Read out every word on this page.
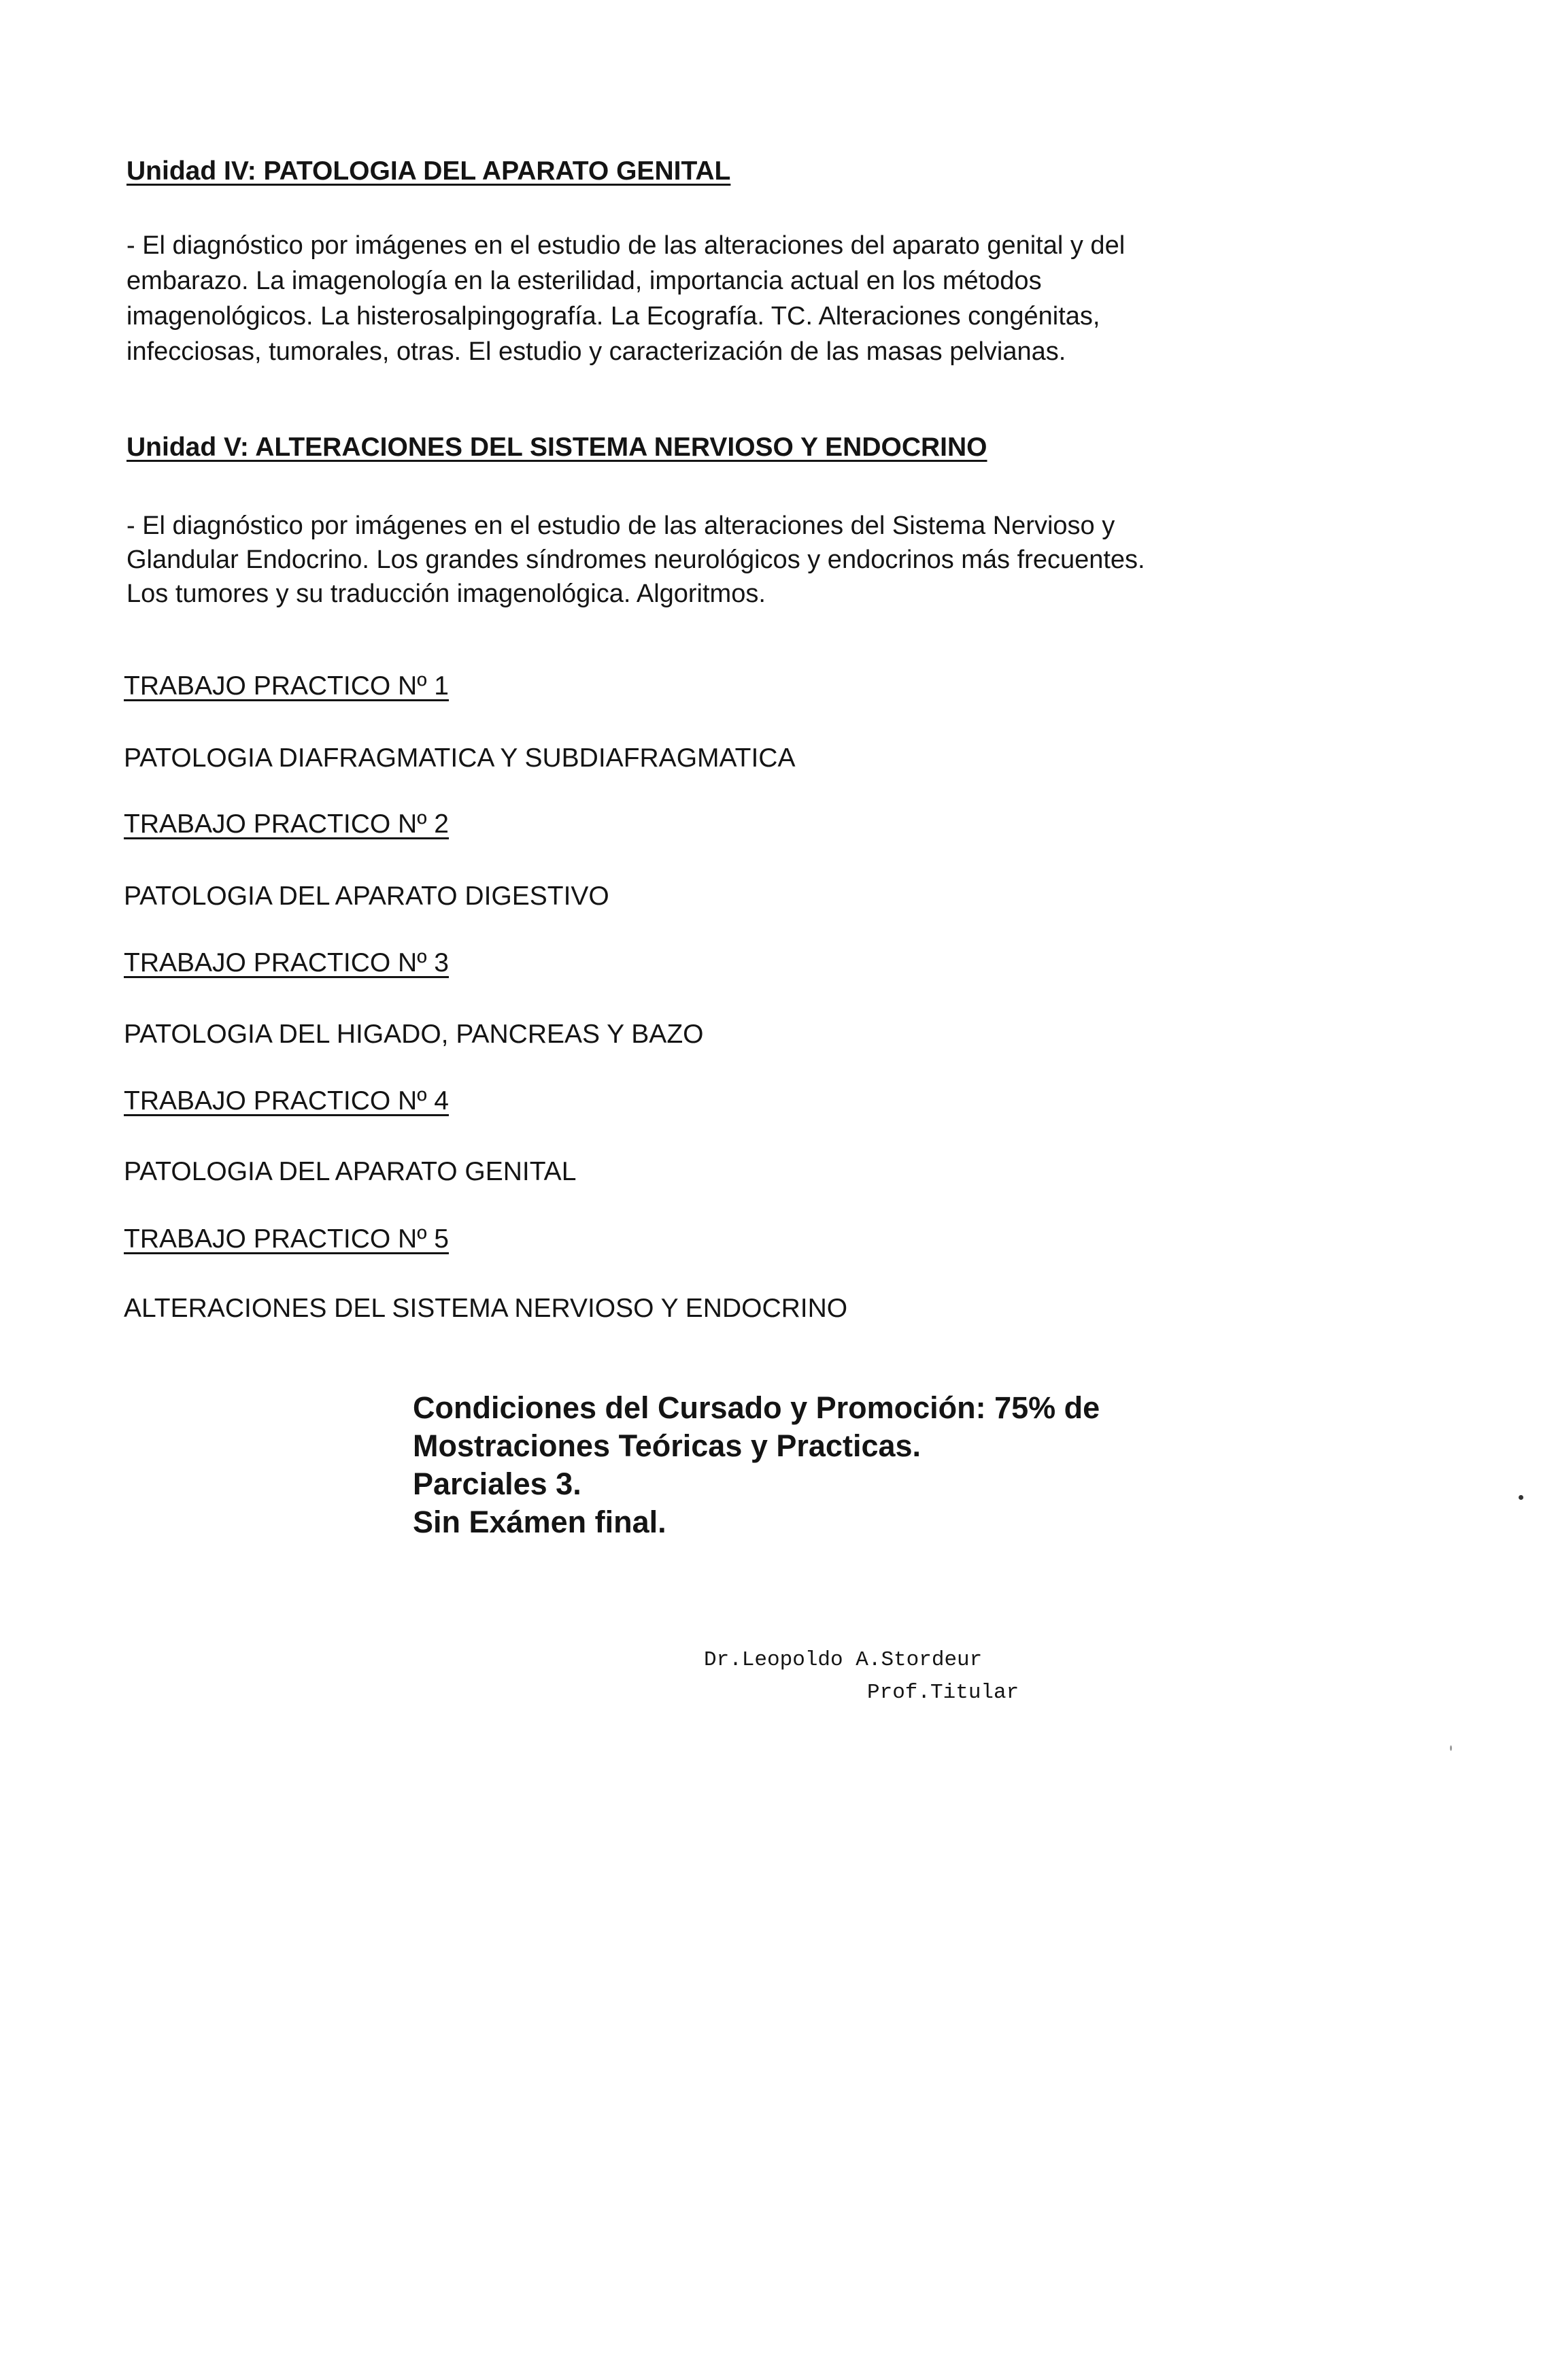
Unidad IV: PATOLOGIA DEL APARATO GENITAL
- El diagnóstico por imágenes en el estudio de las alteraciones del aparato genital y del
embarazo. La imagenología en la esterilidad, importancia actual en los métodos
imagenológicos. La histerosalpingografía. La Ecografía. TC. Alteraciones congénitas,
infecciosas, tumorales, otras. El estudio y caracterización de las masas pelvianas.
Unidad V: ALTERACIONES DEL SISTEMA NERVIOSO Y ENDOCRINO
- El diagnóstico por imágenes en el estudio de las alteraciones del Sistema Nervioso y
Glandular Endocrino. Los grandes síndromes neurológicos y endocrinos más frecuentes.
Los tumores y su traducción imagenológica. Algoritmos.
TRABAJO PRACTICO Nº 1
PATOLOGIA DIAFRAGMATICA Y SUBDIAFRAGMATICA
TRABAJO PRACTICO Nº 2
PATOLOGIA DEL APARATO DIGESTIVO
TRABAJO PRACTICO Nº 3
PATOLOGIA DEL HIGADO, PANCREAS Y BAZO
TRABAJO PRACTICO Nº 4
PATOLOGIA DEL APARATO GENITAL
TRABAJO PRACTICO Nº 5
ALTERACIONES DEL SISTEMA NERVIOSO Y ENDOCRINO
Condiciones del Cursado y Promoción: 75% de
Mostraciones Teóricas y Practicas.
Parciales 3.
Sin Exámen final.
Dr.Leopoldo A.Stordeur
Prof.Titular
